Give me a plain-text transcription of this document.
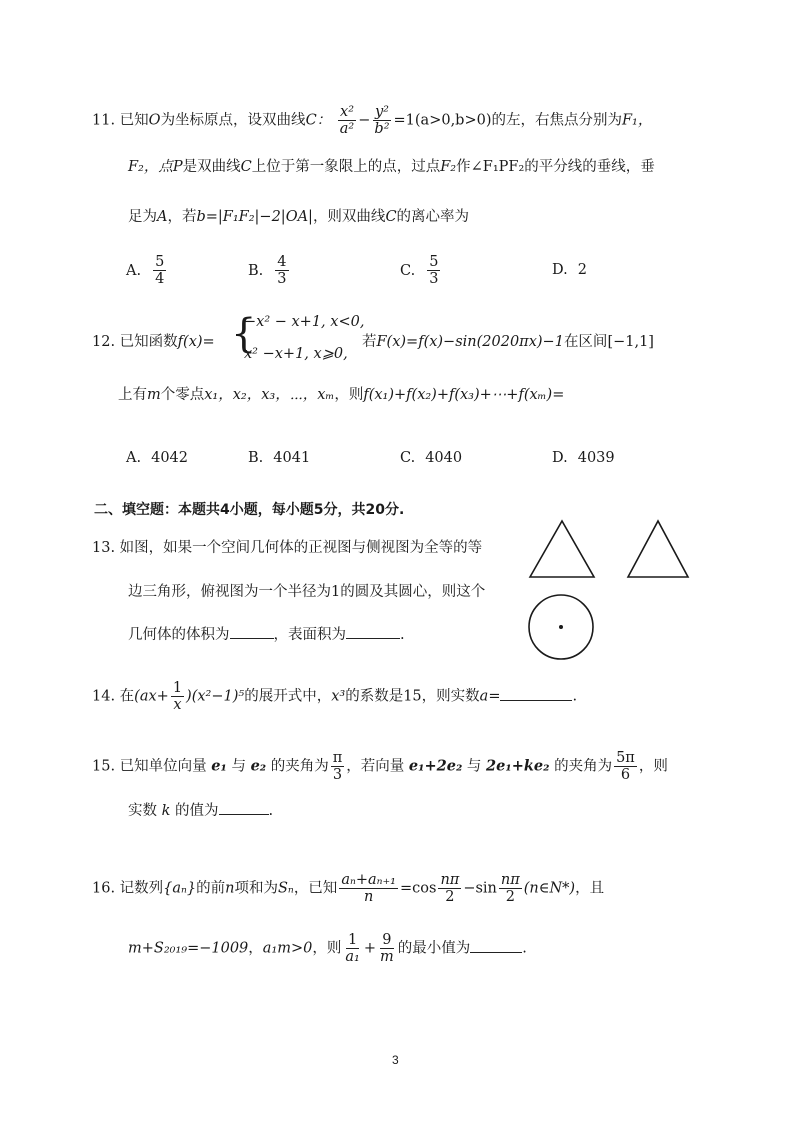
11. 已知O为坐标原点，设双曲线C： $\frac{\text{x²}}{\text{a²}} - \frac{\text{y²}}{\text{b²}} =1(a>0,b>0)$的左，右焦点分别为F₁，
F₂，点P是双曲线C上位于第一象限上的点，过点F₂作∠F₁PF₂的平分线的垂线，垂
足为A，若b=|F₁F₂|−2|OA|，则双曲线C的离心率为
A. $\frac{5}{4}$	B. $\frac{4}{3}$	C. $\frac{5}{3}$	D. 2
12. 已知函数f(x)= {
−x² − x+1, x<0,
x² −x+1, x⩾0,
若F(x)=f(x)−sin(2020πx)−1在区间[−1,1]
上有m个零点x₁，x₂，x₃，⋯，xₘ，则f(x₁)+f(x₂)+f(x₃)+⋯+f(xₘ)=
A. 4042	B. 4041	C. 4040	D. 4039
二、填空题：本题共4小题，每小题5分，共20分.
13. 如图，如果一个空间几何体的正视图与侧视图为全等的等
边三角形，俯视图为一个半径为1的圆及其圆心，则这个
几何体的体积为	，表面积为	.
14. 在$(ax+ \frac{1}{x} )(x^2-1)^5$的展开式中，x³的系数是15，则实数a=	.
15. 已知单位向量 e₁ 与 e₂ 的夹角为 $\frac{\pi}{3}$ ，若向量 e₁+2e₂ 与 2e₁+ke₂ 的夹角为 $\frac{5\pi}{6}$ ，则
实数 k 的值为	.
16. 记数列{aₙ}的前n项和为Sₙ，已知 $\frac{\text{aₙ+aₙ₊₁}}{n} =\cos \frac{n\pi}{2} -\sin \frac{n\pi}{2}$ (n∈N*)，且
m+S₂₀₁₉=−1009，a₁m>0，则 $\frac{1}{\text{a₁}} + \frac{9}{m}$ 的最小值为	.
3
